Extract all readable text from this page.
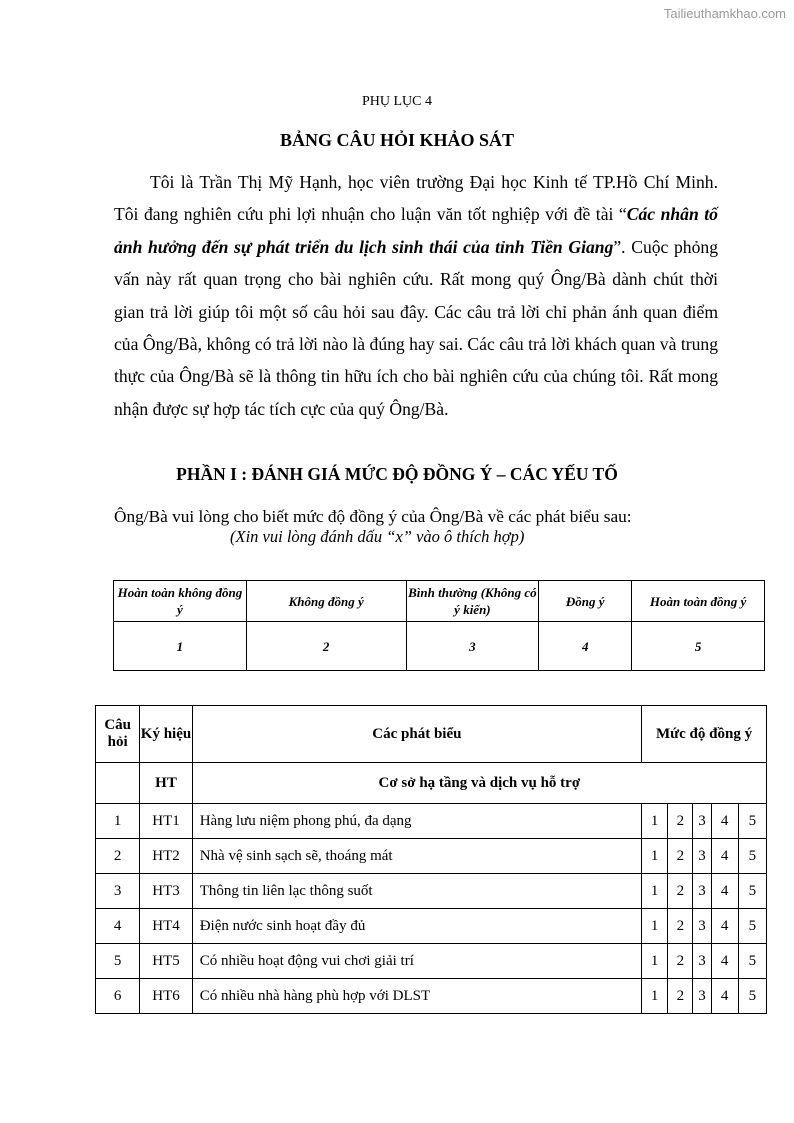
Tailieuthamkhao.com
PHỤ LỤC 4
BẢNG CÂU HỎI KHẢO SÁT

Tôi là Trần Thị Mỹ Hạnh, học viên trường Đại học Kinh tế TP.Hồ Chí Minh. Tôi đang nghiên cứu phi lợi nhuận cho luận văn tốt nghiệp với đề tài “Các nhân tố ảnh hưởng đến sự phát triển du lịch sinh thái của tỉnh Tiền Giang”. Cuộc phỏng vấn này rất quan trọng cho bài nghiên cứu. Rất mong quý Ông/Bà dành chút thời gian trả lời giúp tôi một số câu hỏi sau đây. Các câu trả lời chỉ phản ánh quan điểm của Ông/Bà, không có trả lời nào là đúng hay sai. Các câu trả lời khách quan và trung thực của Ông/Bà sẽ là thông tin hữu ích cho bài nghiên cứu của chúng tôi. Rất mong nhận được sự hợp tác tích cực của quý Ông/Bà.

PHẦN I : ĐÁNH GIÁ MỨC ĐỘ ĐỒNG Ý – CÁC YẾU TỐ
Ông/Bà vui lòng cho biết mức độ đồng ý của Ông/Bà về các phát biểu sau:
(Xin vui lòng đánh dấu “x” vào ô thích hợp)
Hoàn toàn không đồng ý	Không đồng ý	Bình thường (Không có ý kiến)	Đồng ý	Hoàn toàn đồng ý
1	2	3	4	5
Câu hỏi	Ký hiệu	Các phát biểu	Mức độ đồng ý				
	HT	Cơ sở hạ tầng và dịch vụ hỗ trợ					
1	HT1	Hàng lưu niệm phong phú, đa dạng	1	2	3	4	5
2	HT2	Nhà vệ sinh sạch sẽ, thoáng mát	1	2	3	4	5
3	HT3	Thông tin liên lạc thông suốt	1	2	3	4	5
4	HT4	Điện nước sinh hoạt đầy đủ	1	2	3	4	5
5	HT5	Có nhiều hoạt động vui chơi giải trí	1	2	3	4	5
6	HT6	Có nhiều nhà hàng phù hợp với DLST	1	2	3	4	5
